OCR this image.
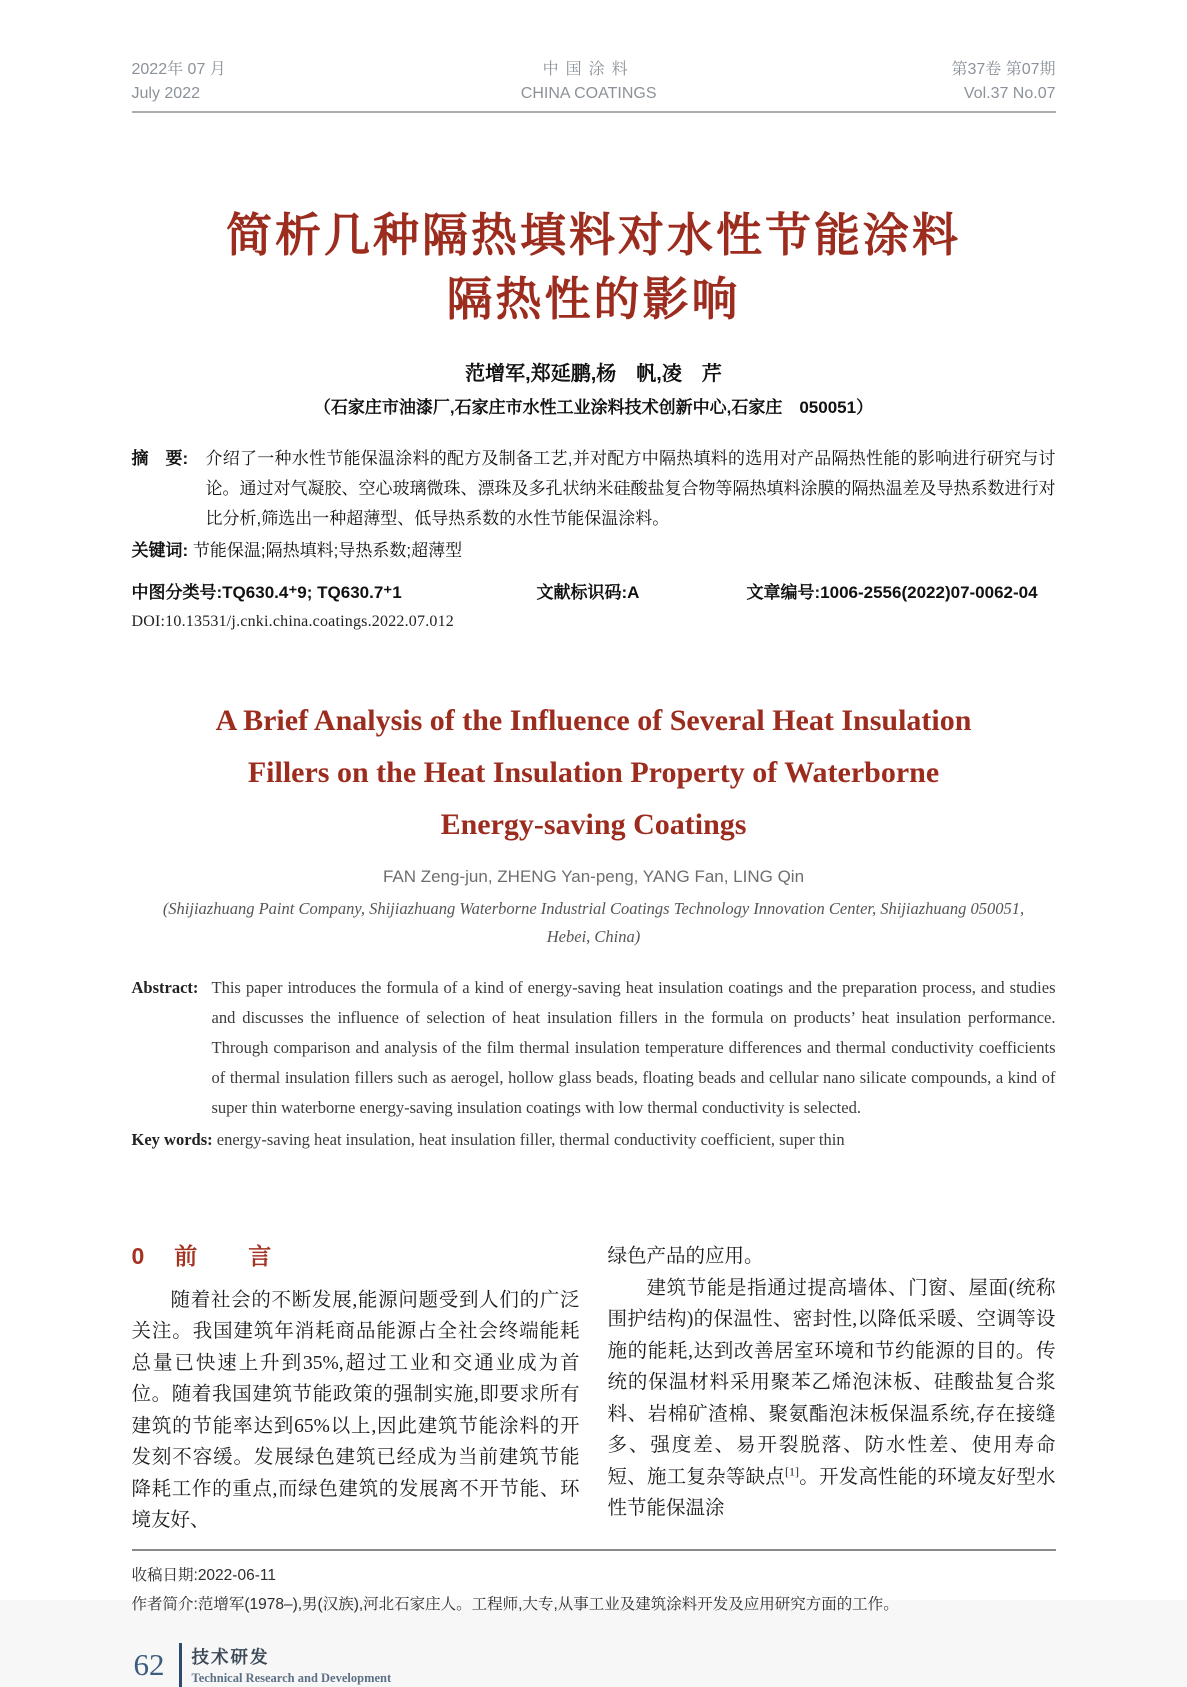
2022年 07 月
July 2022
中国涂料
CHINA COATINGS
第37卷 第07期
Vol.37 No.07
简析几种隔热填料对水性节能涂料
隔热性的影响
范增军,郑延鹏,杨　帆,凌　芹
（石家庄市油漆厂,石家庄市水性工业涂料技术创新中心,石家庄　050051）
摘　要: 介绍了一种水性节能保温涂料的配方及制备工艺,并对配方中隔热填料的选用对产品隔热性能的影响进行研究与讨论。通过对气凝胶、空心玻璃微珠、漂珠及多孔状纳米硅酸盐复合物等隔热填料涂膜的隔热温差及导热系数进行对比分析,筛选出一种超薄型、低导热系数的水性节能保温涂料。
关键词: 节能保温;隔热填料;导热系数;超薄型
中图分类号:TQ630.4⁺9; TQ630.7⁺1	文献标识码:A	文章编号:1006-2556(2022)07-0062-04
DOI:10.13531/j.cnki.china.coatings.2022.07.012
A Brief Analysis of the Influence of Several Heat Insulation
Fillers on the Heat Insulation Property of Waterborne
Energy-saving Coatings
FAN Zeng-jun, ZHENG Yan-peng, YANG Fan, LING Qin
(Shijiazhuang Paint Company, Shijiazhuang Waterborne Industrial Coatings Technology Innovation Center, Shijiazhuang 050051,
Hebei, China)
Abstract: This paper introduces the formula of a kind of energy-saving heat insulation coatings and the preparation process, and studies and discusses the influence of selection of heat insulation fillers in the formula on products’ heat insulation performance. Through comparison and analysis of the film thermal insulation temperature differences and thermal conductivity coefficients of thermal insulation fillers such as aerogel, hollow glass beads, floating beads and cellular nano silicate compounds, a kind of super thin waterborne energy-saving insulation coatings with low thermal conductivity is selected.
Key words: energy-saving heat insulation, heat insulation filler, thermal conductivity coefficient, super thin
0 前　言

随着社会的不断发展,能源问题受到人们的广泛关注。我国建筑年消耗商品能源占全社会终端能耗总量已快速上升到35%,超过工业和交通业成为首位。随着我国建筑节能政策的强制实施,即要求所有建筑的节能率达到65%以上,因此建筑节能涂料的开发刻不容缓。发展绿色建筑已经成为当前建筑节能降耗工作的重点,而绿色建筑的发展离不开节能、环境友好、

绿色产品的应用。

建筑节能是指通过提高墙体、门窗、屋面(统称围护结构)的保温性、密封性,以降低采暖、空调等设施的能耗,达到改善居室环境和节约能源的目的。传统的保温材料采用聚苯乙烯泡沫板、硅酸盐复合浆料、岩棉矿渣棉、聚氨酯泡沫板保温系统,存在接缝多、强度差、易开裂脱落、防水性差、使用寿命短、施工复杂等缺点[1]。开发高性能的环境友好型水性节能保温涂

收稿日期:2022-06-11
作者简介:范增军(1978–),男(汉族),河北石家庄人。工程师,大专,从事工业及建筑涂料开发及应用研究方面的工作。
62 技术研发
Technical Research and Development
